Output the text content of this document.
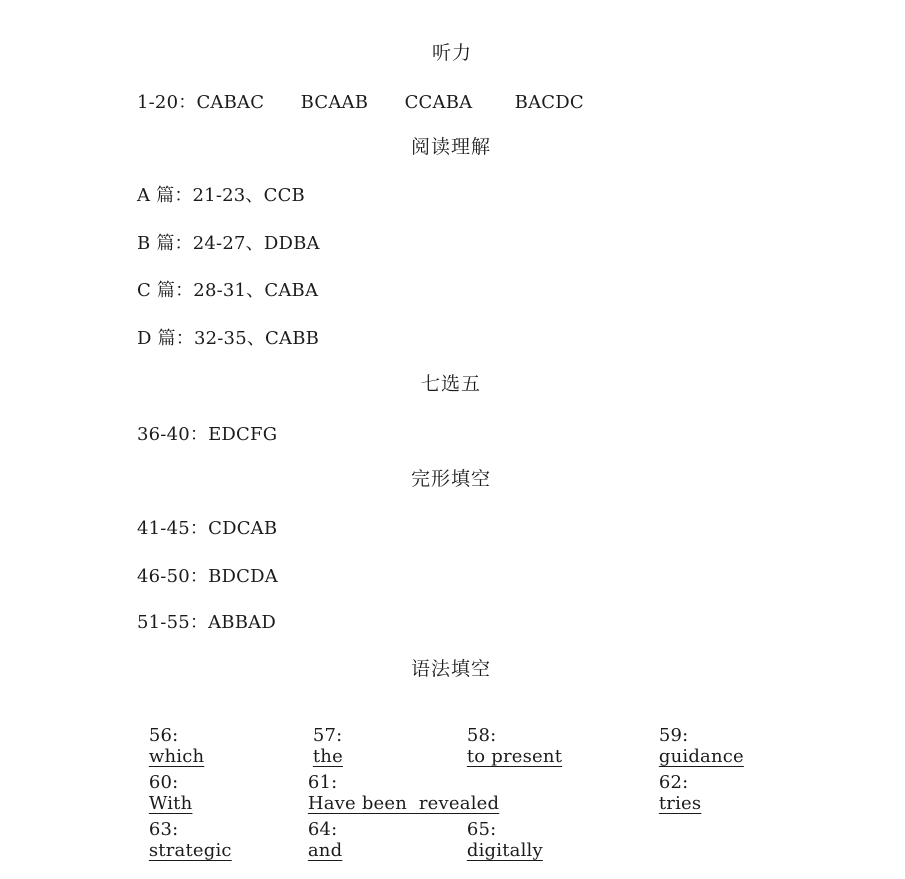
听力
1-20：CABAC　　BCAAB　　CCABA　　 BACDC
阅读理解
A 篇：21-23、CCB
B 篇：24-27、DDBA
C 篇：28-31、CABA
D 篇：32-35、CABB
七选五
36-40：EDCFG
完形填空
41-45：CDCAB
46-50：BDCDA
51-55：ABBAD
语法填空

56:
which

57:
the

58:
to present

59:
guidance

60:
With

61:
Have been  revealed

62:
tries

63:
strategic

64:
and

65:
digitally
